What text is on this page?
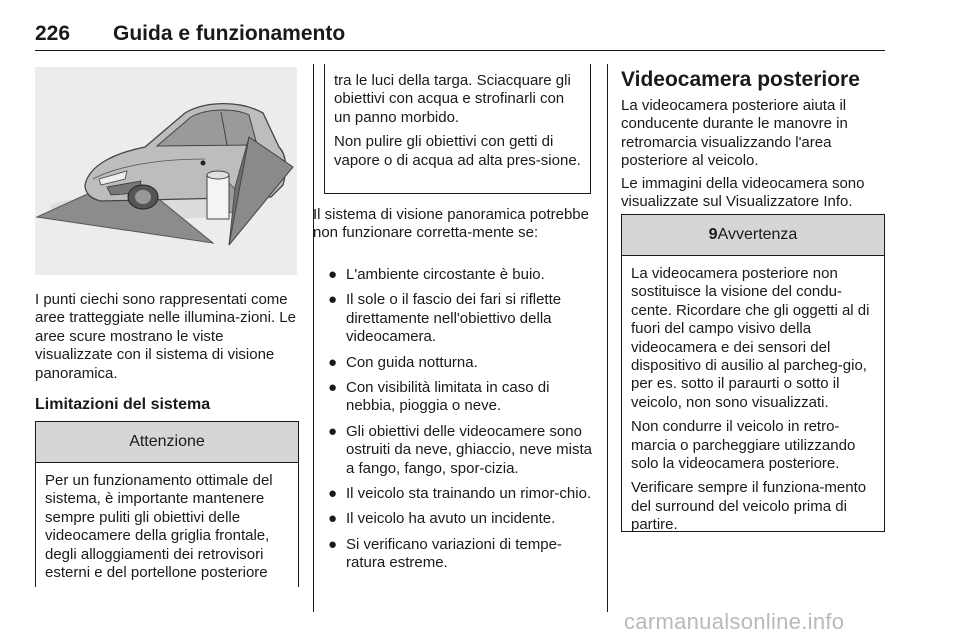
226 Guida e funzionamento

I punti ciechi sono rappresentati come aree tratteggiate nelle illumina-zioni. Le aree scure mostrano le viste visualizzate con il sistema di visione panoramica.

Limitazioni del sistema
Attenzione

Per un funzionamento ottimale del sistema, è importante mantenere sempre puliti gli obiettivi delle videocamere della griglia frontale, degli alloggiamenti dei retrovisori esterni e del portellone posteriore

tra le luci della targa. Sciacquare gli obiettivi con acqua e strofinarli con un panno morbido.

Non pulire gli obiettivi con getti di vapore o di acqua ad alta pres-sione.

Il sistema di visione panoramica potrebbe non funzionare corretta-mente se:

● L'ambiente circostante è buio.
● Il sole o il fascio dei fari si riflette direttamente nell'obiettivo della videocamera.
● Con guida notturna.
● Con visibilità limitata in caso di nebbia, pioggia o neve.
● Gli obiettivi delle videocamere sono ostruiti da neve, ghiaccio, neve mista a fango, fango, spor-cizia.
● Il veicolo sta trainando un rimor-chio.
● Il veicolo ha avuto un incidente.
● Si verificano variazioni di tempe-ratura estreme.
Videocamera posteriore

La videocamera posteriore aiuta il conducente durante le manovre in retromarcia visualizzando l'area posteriore al veicolo.

Le immagini della videocamera sono visualizzate sul Visualizzatore Info.

9Avvertenza

La videocamera posteriore non sostituisce la visione del condu-cente. Ricordare che gli oggetti al di fuori del campo visivo della videocamera e dei sensori del dispositivo di ausilio al parcheg-gio, per es. sotto il paraurti o sotto il veicolo, non sono visualizzati.

Non condurre il veicolo in retro-marcia o parcheggiare utilizzando solo la videocamera posteriore.

Verificare sempre il funziona-mento del surround del veicolo prima di partire.

carmanualsonline.info
